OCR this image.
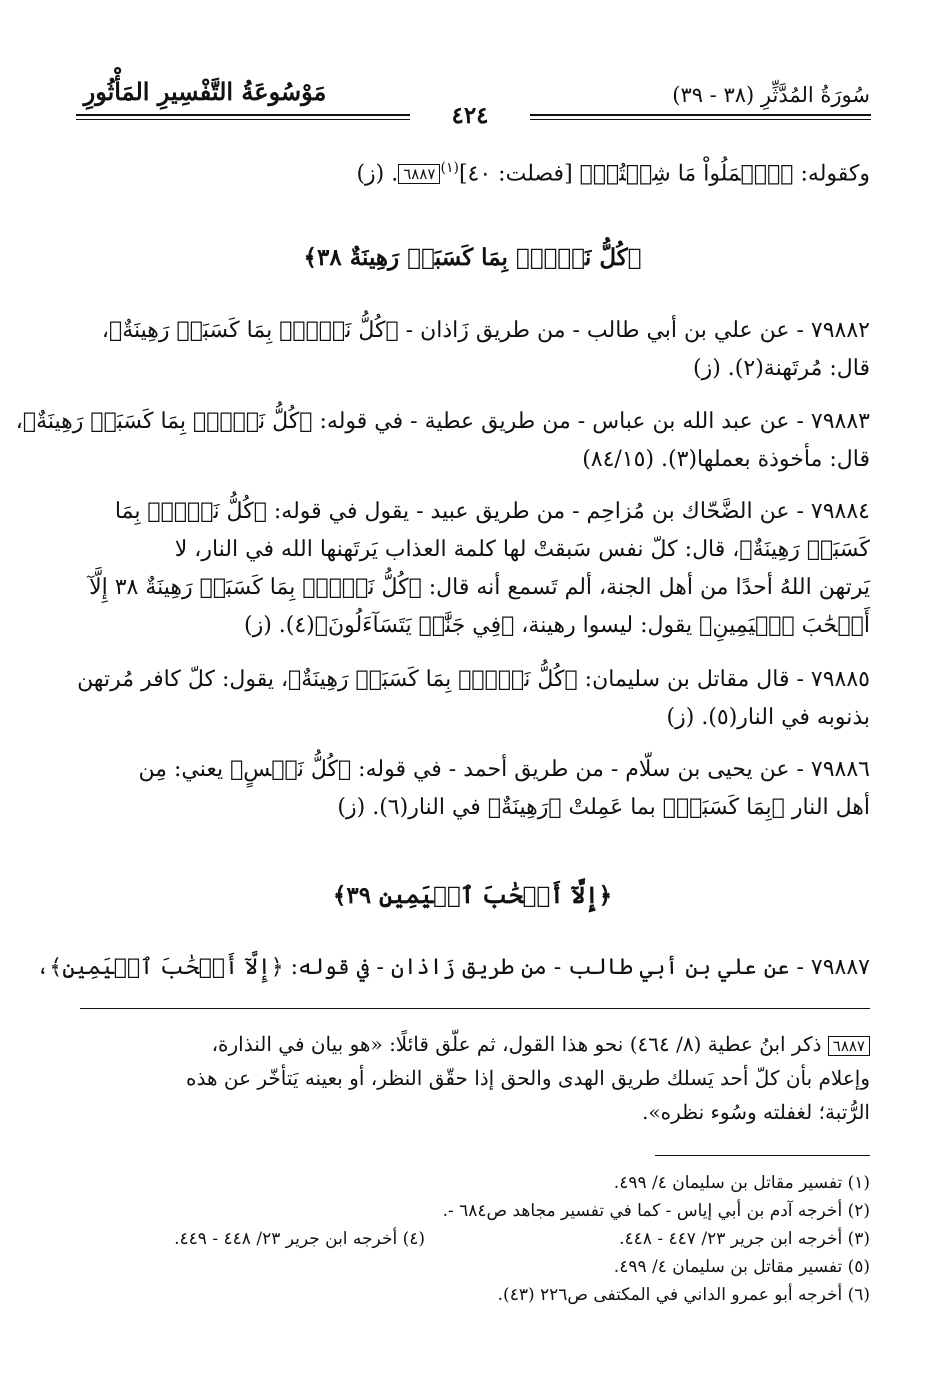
مَوْسُوعَةُ التَّفْسِيرِ المَأْثُورِ	سُورَةُ المُدَّثِّرِ (٣٨ - ٣٩)
٤٢٤
وكقوله: ﴿ٱعۡمَلُواْ مَا شِئۡتُمۡ﴾ [فصلت: ٤٠]$^{(١)}$٦٨٨٧. (ز)
﴿كُلُّ نَفۡسِۭ بِمَا كَسَبَتۡ رَهِينَةٌ ٣٨﴾
٧٩٨٨٢ - عن علي بن أبي طالب - من طريق زَاذان - ﴿كُلُّ نَفۡسِۭ بِمَا كَسَبَتۡ رَهِينَةٌ﴾،
قال: مُرتَهنة(٢). (ز)
٧٩٨٨٣ - عن عبد الله بن عباس - من طريق عطية - في قوله: ﴿كُلُّ نَفۡسِۭ بِمَا كَسَبَتۡ رَهِينَةٌ﴾،
قال: مأخوذة بعملها(٣). (٨٤/١٥)
٧٩٨٨٤ - عن الضَّحّاك بن مُزاحِم - من طريق عبيد - يقول في قوله: ﴿كُلُّ نَفۡسِۭ بِمَا
كَسَبَتۡ رَهِينَةٌ﴾، قال: كلّ نفس سَبقتْ لها كلمة العذاب يَرتَهنها الله في النار، لا
يَرتهن اللهُ أحدًا من أهل الجنة، ألم تَسمع أنه قال: ﴿كُلُّ نَفۡسِۭ بِمَا كَسَبَتۡ رَهِينَةٌ ٣٨ إِلَّآ
أَصۡحَٰبَ ٱلۡيَمِينِ﴾ يقول: ليسوا رهينة، ﴿فِي جَنَّٰتٖ يَتَسَآءَلُونَ﴾(٤). (ز)
٧٩٨٨٥ - قال مقاتل بن سليمان: ﴿كُلُّ نَفۡسِۭ بِمَا كَسَبَتۡ رَهِينَةٌ﴾، يقول: كلّ كافر مُرتهن
بذنوبه في النار(٥). (ز)
٧٩٨٨٦ - عن يحيى بن سلّام - من طريق أحمد - في قوله: ﴿كُلُّ نَفۡسٍ﴾ يعني: مِن
أهل النار ﴿بِمَا كَسَبَتۡ﴾ بما عَمِلتْ ﴿رَهِينَةٌ﴾ في النار(٦). (ز)
﴿إِلَّآ أَصۡحَٰبَ ٱلۡيَمِينِ ٣٩﴾
٧٩٨٨٧ - عن علي بن أبي طالب - من طريق زَاذان - في قوله: ﴿إِلَّآ أَصۡحَٰبَ ٱلۡيَمِينِ﴾،
٦٨٨٧ ذكر ابنُ عطية (٨/ ٤٦٤) نحو هذا القول، ثم علّق قائلًا: «هو بيان في النذارة،
وإعلام بأن كلّ أحد يَسلك طريق الهدى والحق إذا حقّق النظر، أو بعينه يَتأخّر عن هذه
الرُّتبة؛ لغفلته وسُوء نظره».
(١) تفسير مقاتل بن سليمان ٤/ ٤٩٩.
(٢) أخرجه آدم بن أبي إياس - كما في تفسير مجاهد ص٦٨٤ -.
(٣) أخرجه ابن جرير ٢٣/ ٤٤٧ - ٤٤٨.
(٤) أخرجه ابن جرير ٢٣/ ٤٤٨ - ٤٤٩.
(٥) تفسير مقاتل بن سليمان ٤/ ٤٩٩.
(٦) أخرجه أبو عمرو الداني في المكتفى ص٢٢٦ (٤٣).
